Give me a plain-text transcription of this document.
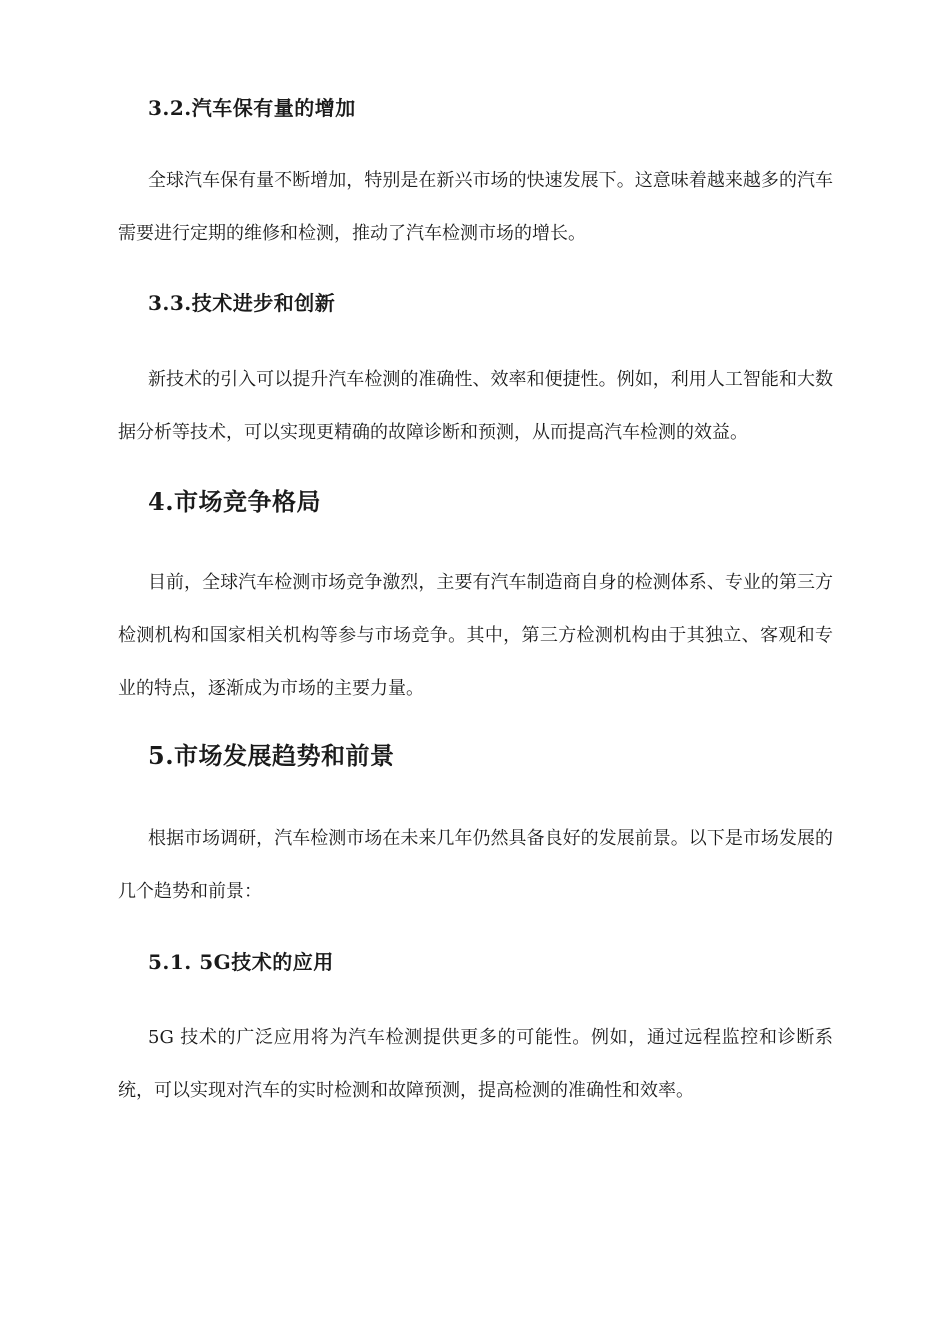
3.2.汽车保有量的增加

全球汽车保有量不断增加，特别是在新兴市场的快速发展下。这意味着越来越多的汽车需要进行定期的维修和检测，推动了汽车检测市场的增长。

3.3.技术进步和创新

新技术的引入可以提升汽车检测的准确性、效率和便捷性。例如，利用人工智能和大数据分析等技术，可以实现更精确的故障诊断和预测，从而提高汽车检测的效益。

4.市场竞争格局

目前，全球汽车检测市场竞争激烈，主要有汽车制造商自身的检测体系、专业的第三方检测机构和国家相关机构等参与市场竞争。其中，第三方检测机构由于其独立、客观和专业的特点，逐渐成为市场的主要力量。

5.市场发展趋势和前景

根据市场调研，汽车检测市场在未来几年仍然具备良好的发展前景。以下是市场发展的几个趋势和前景：

5.1. 5G技术的应用

5G 技术的广泛应用将为汽车检测提供更多的可能性。例如，通过远程监控和诊断系统，可以实现对汽车的实时检测和故障预测，提高检测的准确性和效率。
